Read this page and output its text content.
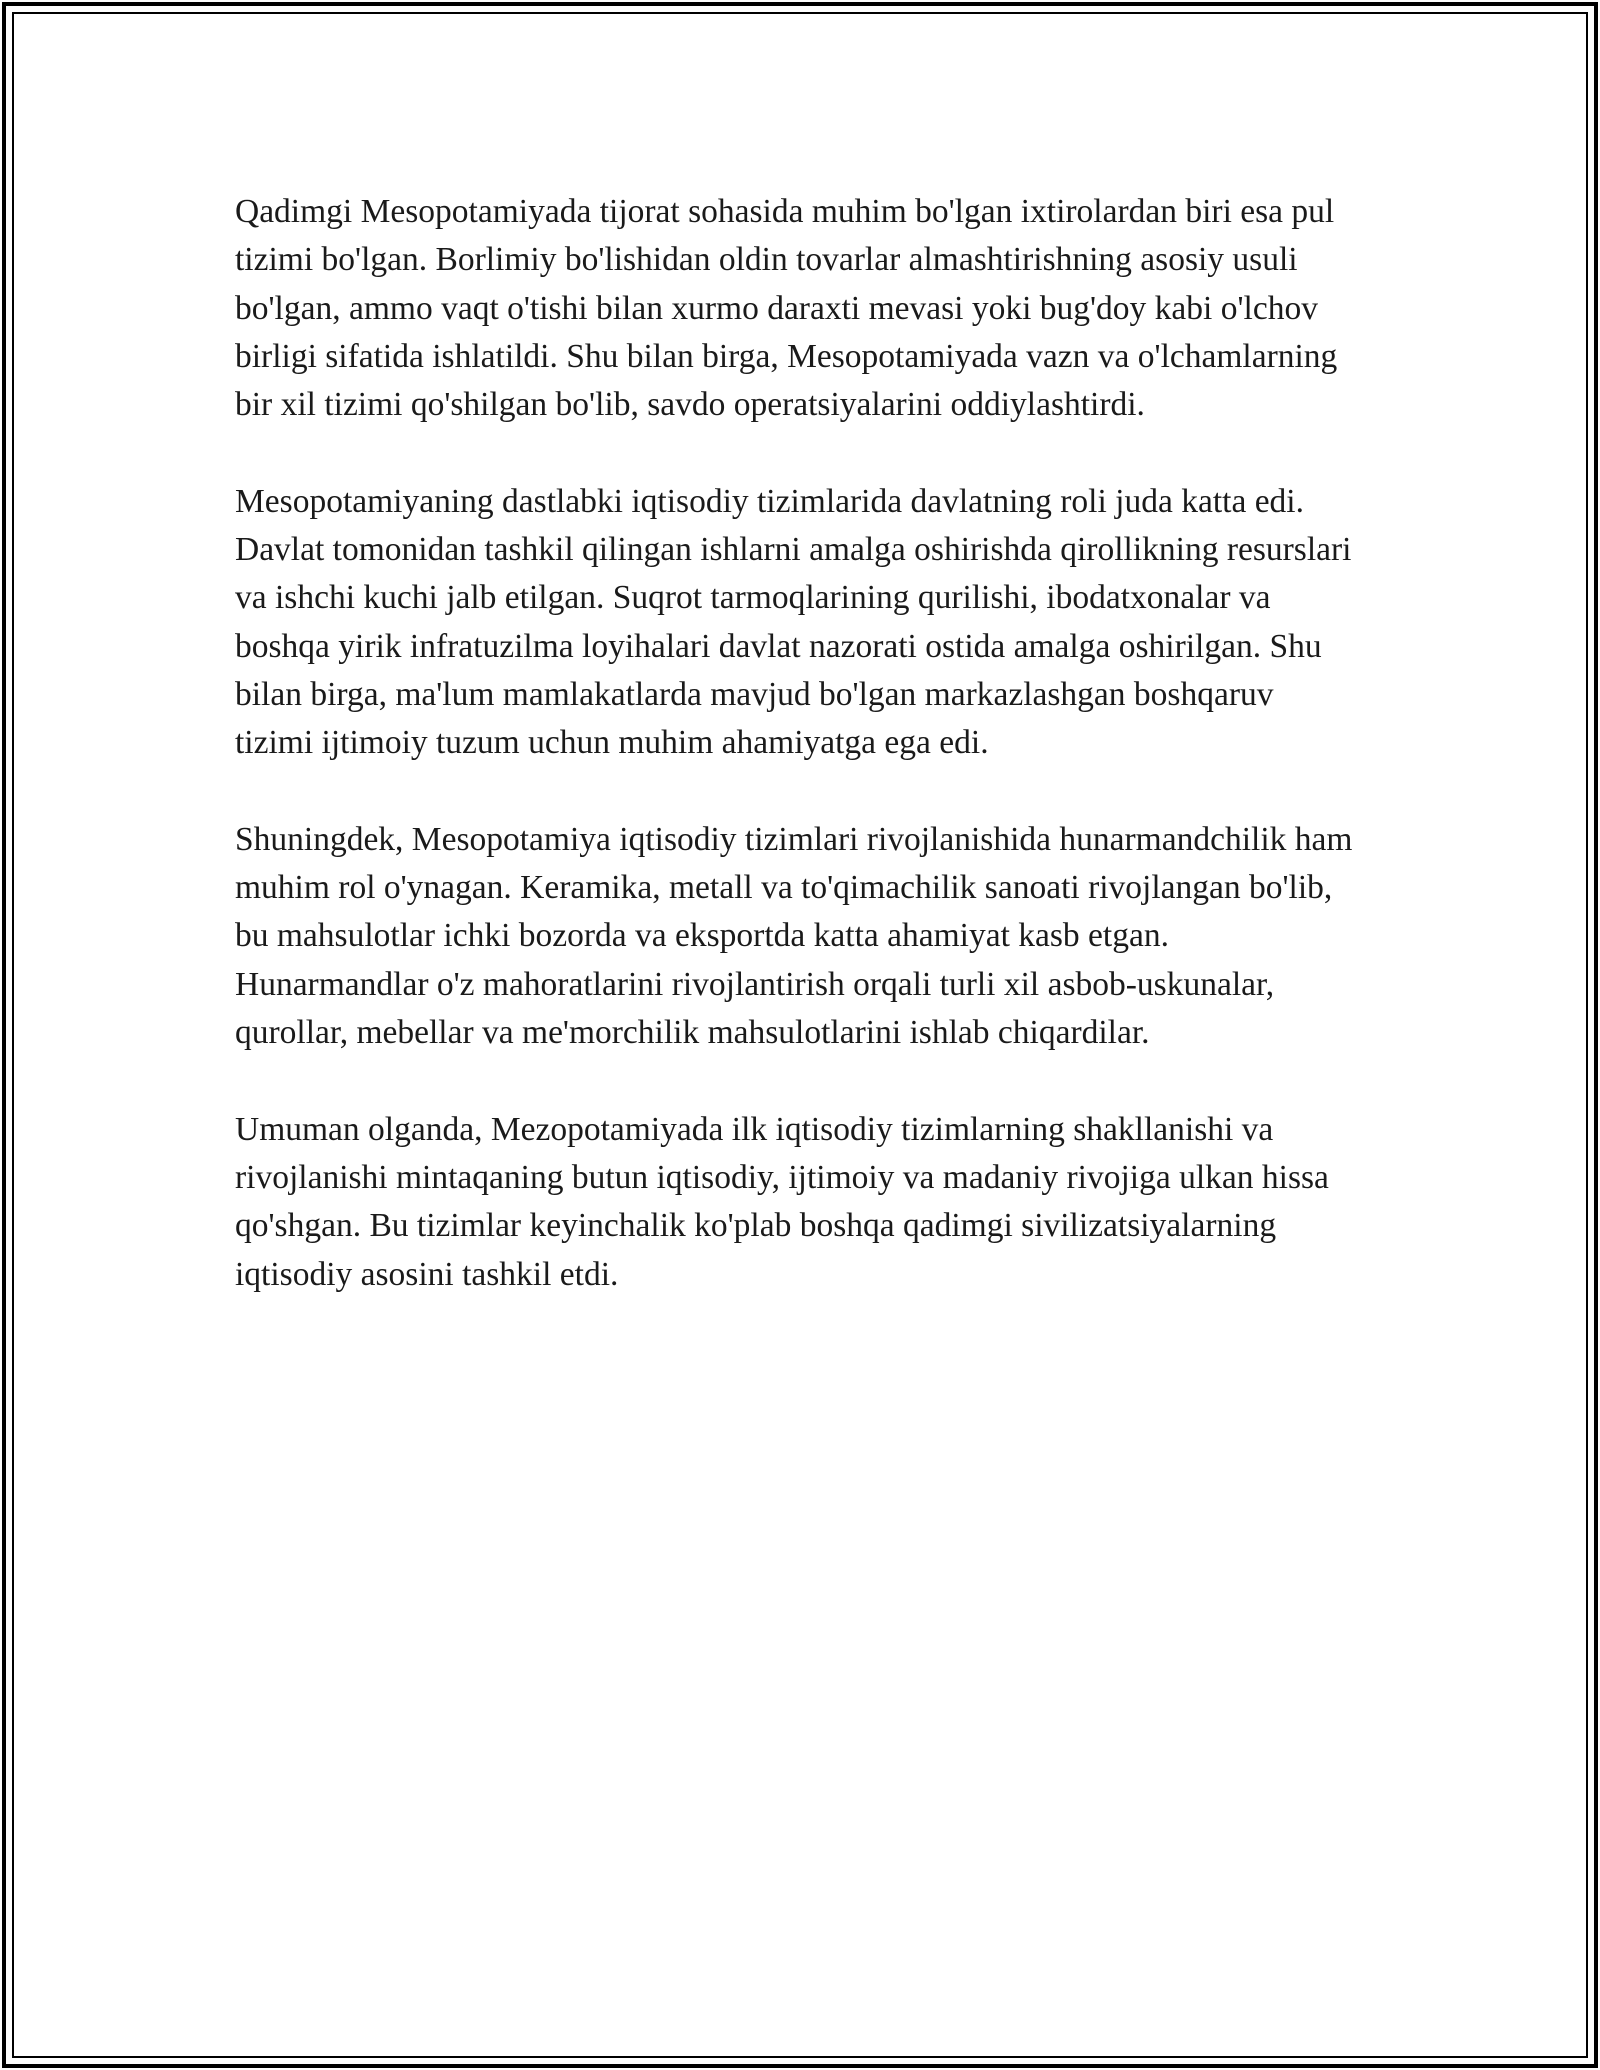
Qadimgi Mesopotamiyada tijorat sohasida muhim bo'lgan ixtirolardan biri esa pul tizimi bo'lgan. Borlimiy bo'lishidan oldin tovarlar almashtirishning asosiy usuli bo'lgan, ammo vaqt o'tishi bilan xurmo daraxti mevasi yoki bug'doy kabi o'lchov birligi sifatida ishlatildi. Shu bilan birga, Mesopotamiyada vazn va o'lchamlarning bir xil tizimi qo'shilgan bo'lib, savdo operatsiyalarini oddiylashtirdi.

Mesopotamiyaning dastlabki iqtisodiy tizimlarida davlatning roli juda katta edi. Davlat tomonidan tashkil qilingan ishlarni amalga oshirishda qirollikning resurslari va ishchi kuchi jalb etilgan. Suqrot tarmoqlarining qurilishi, ibodatxonalar va boshqa yirik infratuzilma loyihalari davlat nazorati ostida amalga oshirilgan. Shu bilan birga, ma'lum mamlakatlarda mavjud bo'lgan markazlashgan boshqaruv tizimi ijtimoiy tuzum uchun muhim ahamiyatga ega edi.

Shuningdek, Mesopotamiya iqtisodiy tizimlari rivojlanishida hunarmandchilik ham muhim rol o'ynagan. Keramika, metall va to'qimachilik sanoati rivojlangan bo'lib, bu mahsulotlar ichki bozorda va eksportda katta ahamiyat kasb etgan. Hunarmandlar o'z mahoratlarini rivojlantirish orqali turli xil asbob-uskunalar, qurollar, mebellar va me'morchilik mahsulotlarini ishlab chiqardilar.

Umuman olganda, Mezopotamiyada ilk iqtisodiy tizimlarning shakllanishi va rivojlanishi mintaqaning butun iqtisodiy, ijtimoiy va madaniy rivojiga ulkan hissa qo'shgan. Bu tizimlar keyinchalik ko'plab boshqa qadimgi sivilizatsiyalarning iqtisodiy asosini tashkil etdi.
